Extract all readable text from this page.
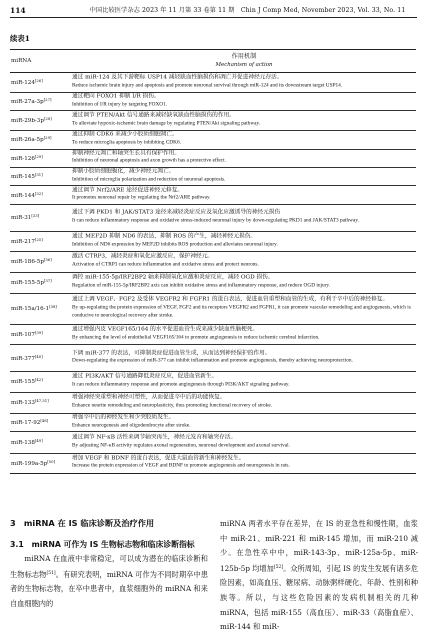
114	中国比较医学杂志 2023 年 11 月第 33 卷第 11 期　Chin J Comp Med, November 2023, Vol. 33, No. 11
续表1
miRNA
作用机制
Mechanism of action
miR-124[26]	通过 miR-124 及其下游靶标 USP14 减轻缺血性脑损伤和凋亡并促进神经元存活。
Reduce ischemic brain injury and apoptosis and promote neuronal survival through miR-124 and its downstream target USP14.
miR-27a-3p[27]	通过靶向 FOXO1 抑制 I/R 损伤。
Inhibition of I/R injury by targeting FOXO1.
miR-29b-3p[28]	通过调节 PTEN/Akt 信号通路来减轻缺氧缺血性脑损伤的作用。
To alleviate hypoxic-ischemic brain damage by regulating PTEN/Akt signaling pathway.
miR-26a-5p[29]	通过抑制 CDK6 来减少小胶质细胞凋亡。
To reduce microglia apoptosis by inhibiting CDK6.
miR-126[29]	抑制神经元凋亡和轴突生长具有保护作用。
Inhibition of neuronal apoptosis and axon growth has a protective effect.
miR-145[31]	抑制小胶质细胞极化，减少神经元凋亡。
Inhibition of microglia polarization and reduction of neuronal apoptosis.
miR-144[32]	通过调节 Nrf2/ARE 途径促进神经元修复。
It promotes neuronal repair by regulating the Nrf2/ARE pathway.
miR-31[33]	通过下调 PKD1 和 JAK/STAT3 途径来减轻炎症反应及氧化应激诱导的神经元损伤
It can reduce inflammatory response and oxidative stress-induced neuronal injury by down-regulating PKD1 and JAK/STAT3 pathway.
miR-217[25]	通过 MEF2D 抑制 ND6 的表达，抑制 ROS 的产生，减轻神经元损伤。
Inhibition of ND6 expression by MEF2D inhibits ROS production and alleviates neuronal injury.
miR-186-5p[36]	激活 CTRP3，减轻炎症和氧化应激反应，保护神经元。
Activation of CTRP3 can reduce inflammation and oxidative stress and protect neurons.
miR-155-5p[37]	调控 miR-155-5p/IRF2BP2 轴来抑制氧化应激和炎症反应，减轻 OGD 损伤。
Regulation of miR-155-5p/IRF2BP2 axis can inhibit oxidative stress and inflammatory response, and reduce OGD injury.
miR-15a/16-1[38]
通过上调 VEGF、FGF2 及受体 VEGFR2 和 FGFR1 的蛋白表达，促进血管重塑和血管的生成，有利于卒中后的神经修复。
By up-regulating the protein expression of VEGF, FGF2 and its receptors VEGFR2 and FGFR1, it can promote vascular remodeling and angiogenesis, which is conducive to neurological recovery after stroke.
miR-107[39]	通过增强内皮 VEGF165/164 的水平促进血管生成来减少缺血性脑梗死。
By enhancing the level of endothelial VEGF165/164 to promote angiogenesis to reduce ischemic cerebral infarction.
miR-377[40]	下调 miR-377 的表达，可抑制炎症促进血管生成，从而达到神经保护的作用。
Down-regulating the expression of miR-377 can inhibit inflammation and promote angiogenesis, thereby achieving neuroprotection.
miR-155[42]	通过 PI3K/AKT 信号通路降低炎症反应，促进血管新生。
It can reduce inflammatory response and promote angiogenesis through PI3K/AKT signaling pathway.
miR-133[47,51]	增强神经突重塑和神经可塑性，从而促进卒中后的功能恢复。
Enhance neurite remodeling and neuroplasticity, thus promoting functional recovery of stroke.
miR-17-92[48]	增强卒中后的神经发生和少突胶质发生。
Enhance neurogenesis and oligodendrocyte after stroke.
miR-138[49]	通过调节 NF-κB 活性来调节轴突再生，神经元发育和轴突存活。
By adjusting NF-κB activity regulates axonal regeneration, neuronal development and axonal survival.
miR-199a-5p[50]	增加 VEGF 和 BDNF 的蛋白表达，促进大鼠血管新生和神经发生。
Increase the protein expression of VEGF and BDNF to promote angiogenesis and neurogenesis in rats.
3　miRNA 在 IS 临床诊断及治疗作用
3.1　miRNA 可作为 IS 生物标志物和临床诊断指标

miRNA 在血液中非常稳定，可以成为潜在的临床诊断和生物标志物[51]。有研究表明，miRNA 可作为不同时期卒中患者的生物标志物，在卒中患者中，血浆细胞外的 miRNA 和来自血细胞内的

miRNA 两者水平存在差异，在 IS 的亚急性和慢性期，血浆中 miR-21、miR-221 和 miR-145 增加，而 miR-210 减少。在急性卒中中，miR-143-3p、miR-125a-5p、miR-125b-5p 均增加[52]。众所周知，引起 IS 的发生发展有诸多危险因素，如高血压、糖尿病、动脉粥样硬化、年龄、性别和种族等。所以，与这些危险因素的发病机制相关的几种 miRNA，包括 miR-155（高血压）、miR-33（高脂血症）、miR-144 和 miR-
